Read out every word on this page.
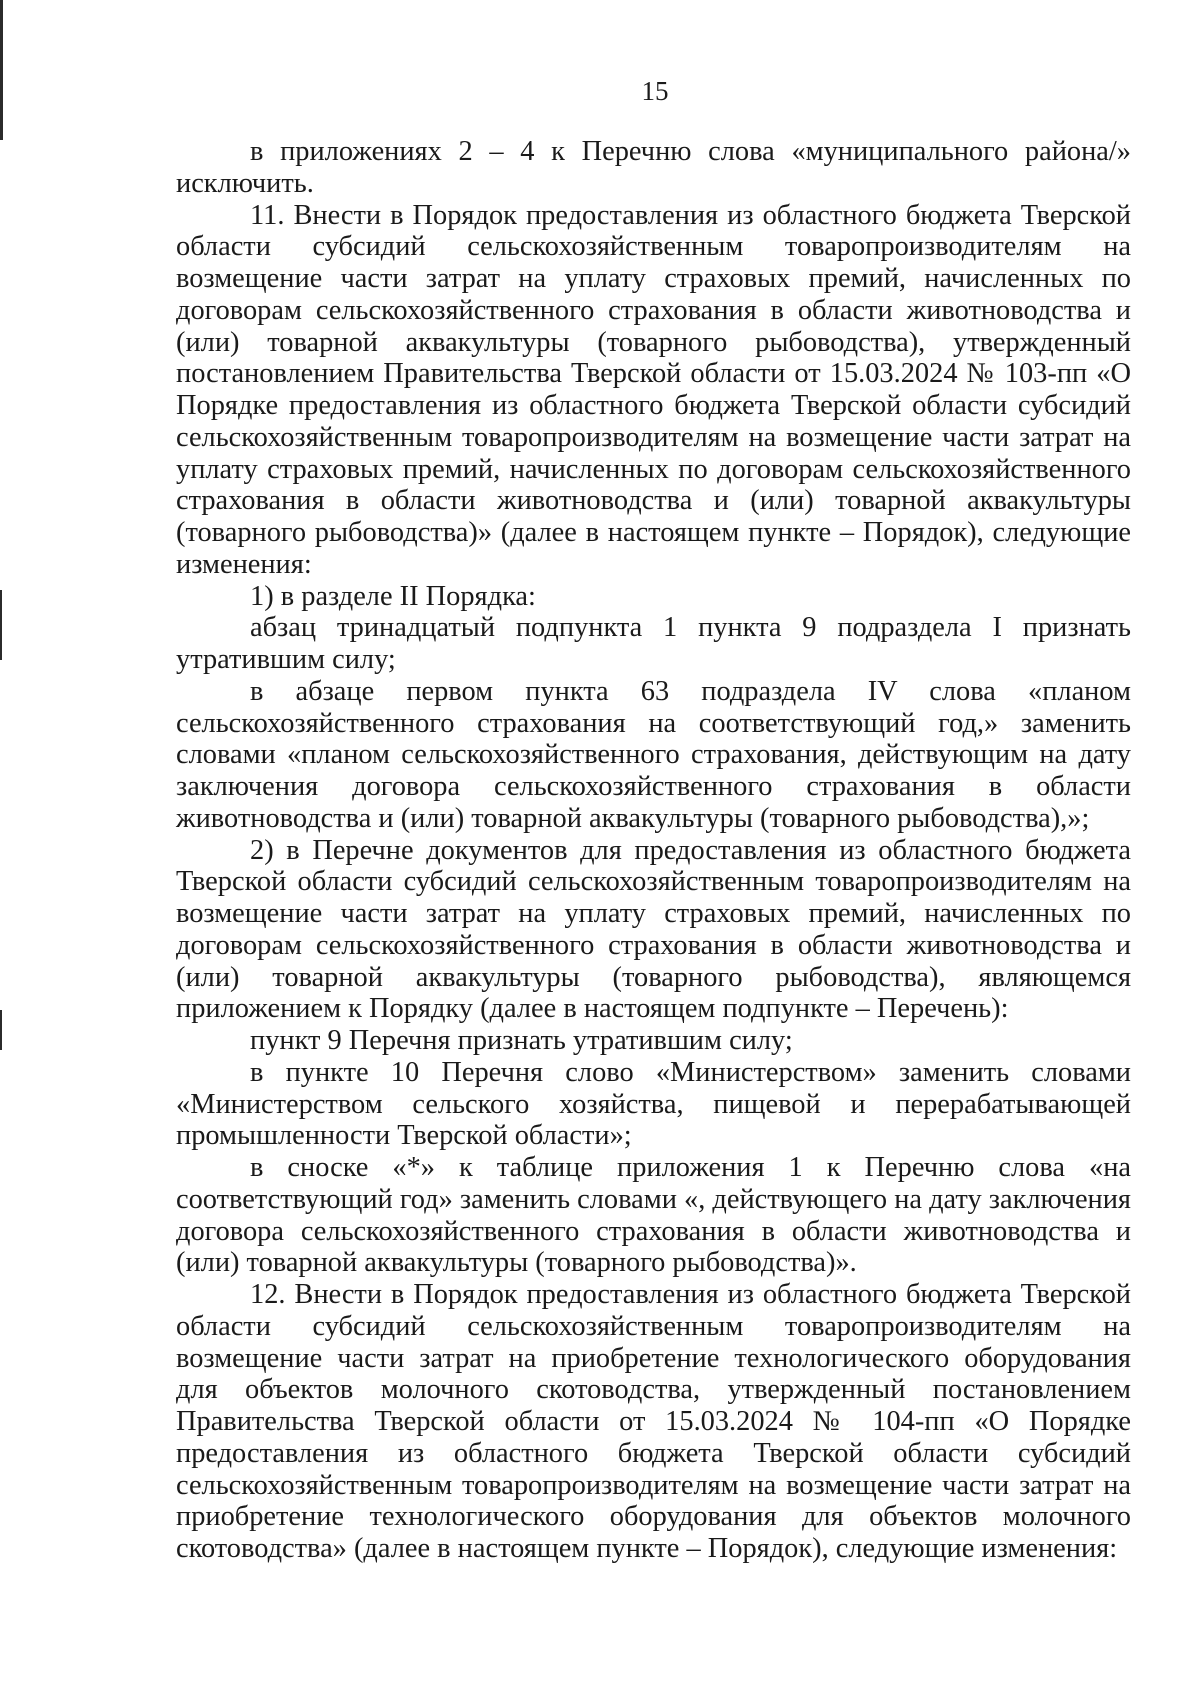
15

в приложениях 2 – 4 к Перечню слова «муниципального района/» исключить.

11. Внести в Порядок предоставления из областного бюджета Тверской области субсидий сельскохозяйственным товаропроизводителям на возмещение части затрат на уплату страховых премий, начисленных по договорам сельскохозяйственного страхования в области животноводства и (или) товарной аквакультуры (товарного рыбоводства), утвержденный постановлением Правительства Тверской области от 15.03.2024 № 103-пп «О Порядке предоставления из областного бюджета Тверской области субсидий сельскохозяйственным товаропроизводителям на возмещение части затрат на уплату страховых премий, начисленных по договорам сельскохозяйственного страхования в области животноводства и (или) товарной аквакультуры (товарного рыбоводства)» (далее в настоящем пункте – Порядок), следующие изменения:

1) в разделе II Порядка:

абзац тринадцатый подпункта 1 пункта 9 подраздела I признать утратившим силу;

в абзаце первом пункта 63 подраздела IV слова «планом сельскохозяйственного страхования на соответствующий год,» заменить словами «планом сельскохозяйственного страхования, действующим на дату заключения договора сельскохозяйственного страхования в области животноводства и (или) товарной аквакультуры (товарного рыбоводства),»;

2) в Перечне документов для предоставления из областного бюджета Тверской области субсидий сельскохозяйственным товаропроизводителям на возмещение части затрат на уплату страховых премий, начисленных по договорам сельскохозяйственного страхования в области животноводства и (или) товарной аквакультуры (товарного рыбоводства), являющемся приложением к Порядку (далее в настоящем подпункте – Перечень):

пункт 9 Перечня признать утратившим силу;

в пункте 10 Перечня слово «Министерством» заменить словами «Министерством сельского хозяйства, пищевой и перерабатывающей промышленности Тверской области»;

в сноске «*» к таблице приложения 1 к Перечню слова «на соответствующий год» заменить словами «, действующего на дату заключения договора сельскохозяйственного страхования в области животноводства и (или) товарной аквакультуры (товарного рыбоводства)».

12. Внести в Порядок предоставления из областного бюджета Тверской области субсидий сельскохозяйственным товаропроизводителям на возмещение части затрат на приобретение технологического оборудования для объектов молочного скотоводства, утвержденный постановлением Правительства Тверской области от 15.03.2024 № 104-пп «О Порядке предоставления из областного бюджета Тверской области субсидий сельскохозяйственным товаропроизводителям на возмещение части затрат на приобретение технологического оборудования для объектов молочного скотоводства» (далее в настоящем пункте – Порядок), следующие изменения:
